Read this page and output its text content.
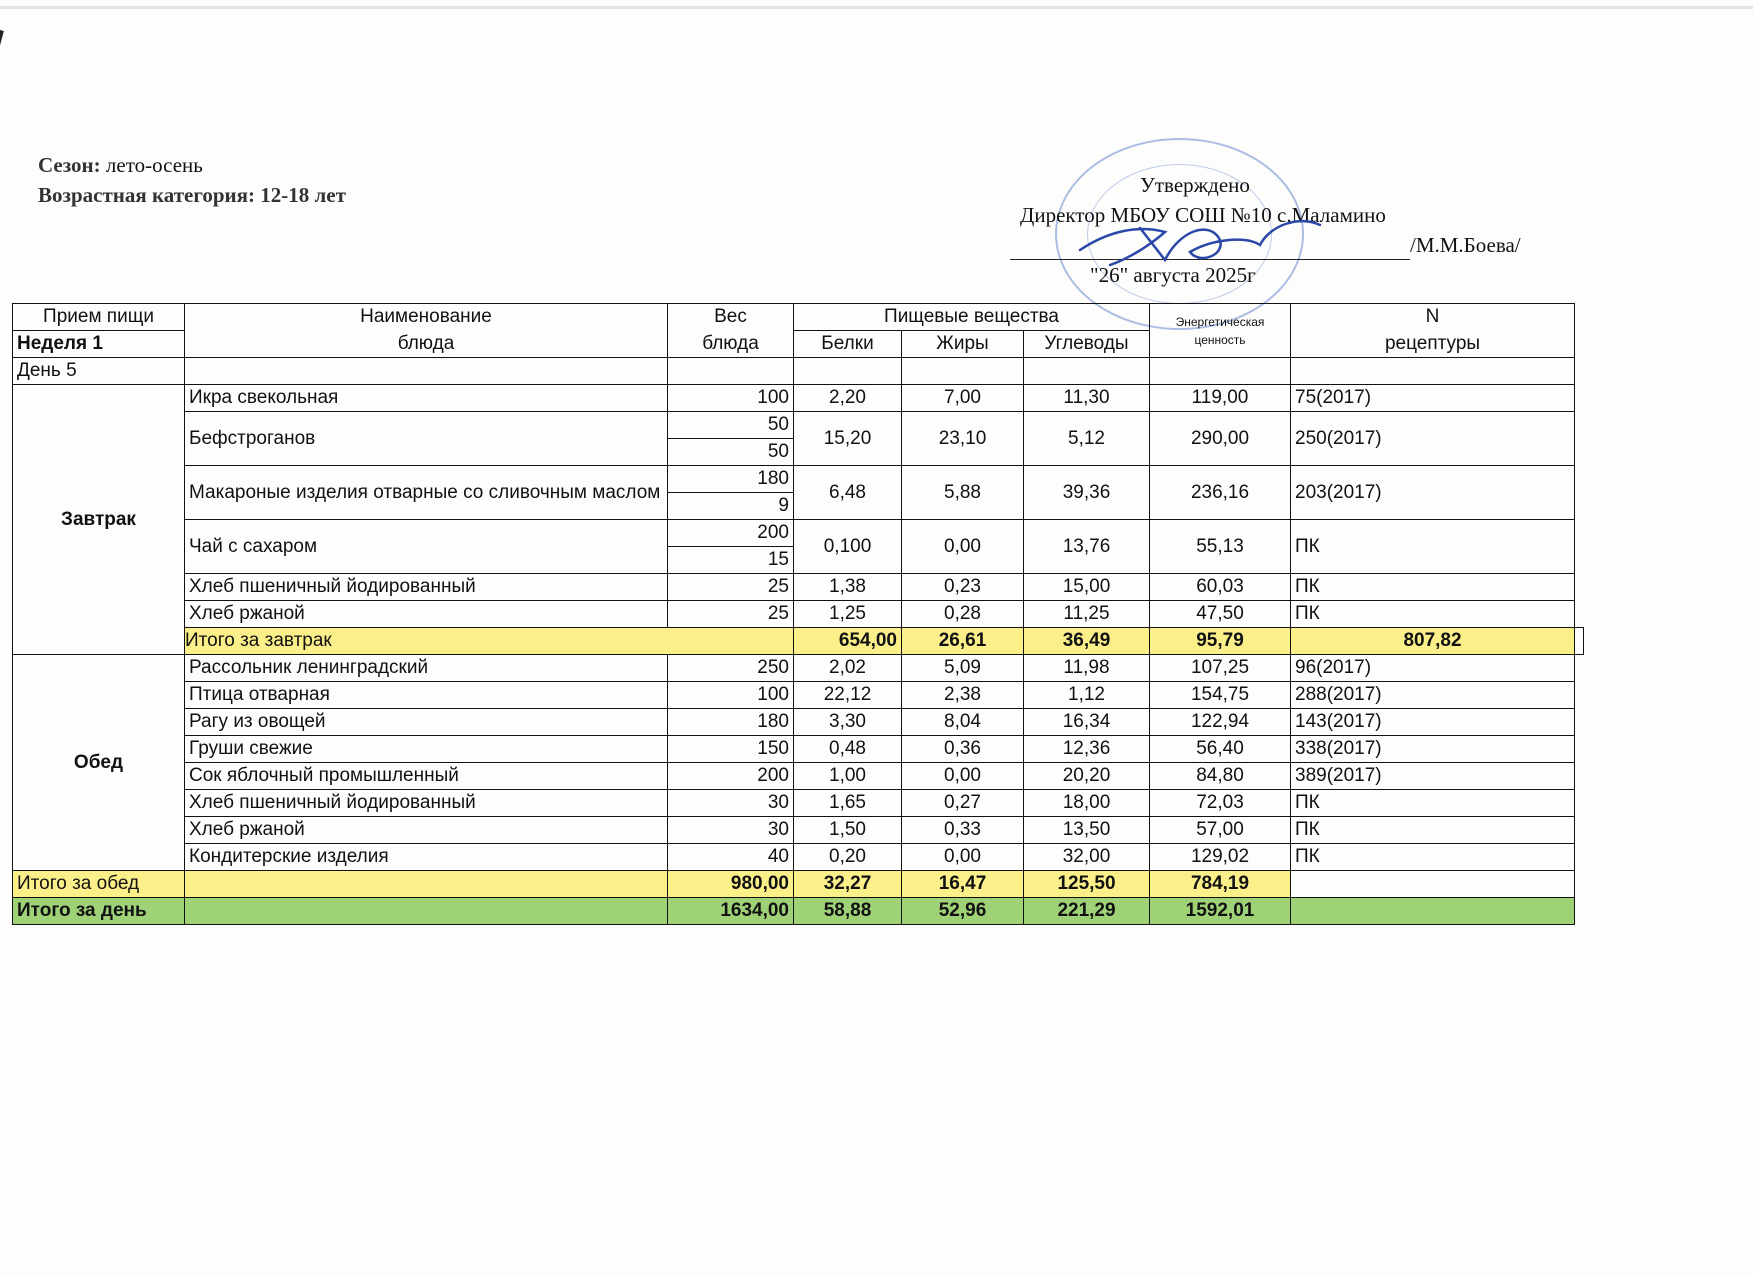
Сезон: лето-осень
Возрастная категория: 12-18 лет	Утверждено
Директор МБОУ СОШ №10 с.Маламино
/М.М.Боева/
"26" августа 2025г
Прием пищи	Наименование	Вес	Пищевые вещества			Энергетическая ценность	N	
Неделя 1	блюда	блюда	Белки	Жиры	Углеводы		рецептуры	
День 5								
Завтрак	Икра свекольная	100	2,20	7,00	11,30	119,00	75(2017)	
	Бефстроганов	50	15,20	23,10	5,12	290,00	250(2017)	
		50						
	Макароные изделия отварные со сливочным маслом	180	6,48	5,88	39,36	236,16	203(2017)	
		9						
	Чай с сахаром	200	0,100	0,00	13,76	55,13	ПК	
		15						
	Хлеб пшеничный йодированный	25	1,38	0,23	15,00	60,03	ПК	
	Хлеб ржаной	25	1,25	0,28	11,25	47,50	ПК	
	Итого за завтрак		654,00	26,61	36,49	95,79	807,82	
Обед	Рассольник ленинградский	250	2,02	5,09	11,98	107,25	96(2017)	
	Птица отварная	100	22,12	2,38	1,12	154,75	288(2017)	
	Рагу из овощей	180	3,30	8,04	16,34	122,94	143(2017)	
	Груши свежие	150	0,48	0,36	12,36	56,40	338(2017)	
	Сок яблочный промышленный	200	1,00	0,00	20,20	84,80	389(2017)	
	Хлеб пшеничный йодированный	30	1,65	0,27	18,00	72,03	ПК	
	Хлеб ржаной	30	1,50	0,33	13,50	57,00	ПК	
	Кондитерские изделия	40	0,20	0,00	32,00	129,02	ПК	
Итого за обед		980,00	32,27	16,47	125,50	784,19		
Итого за день		1634,00	58,88	52,96	221,29	1592,01		
